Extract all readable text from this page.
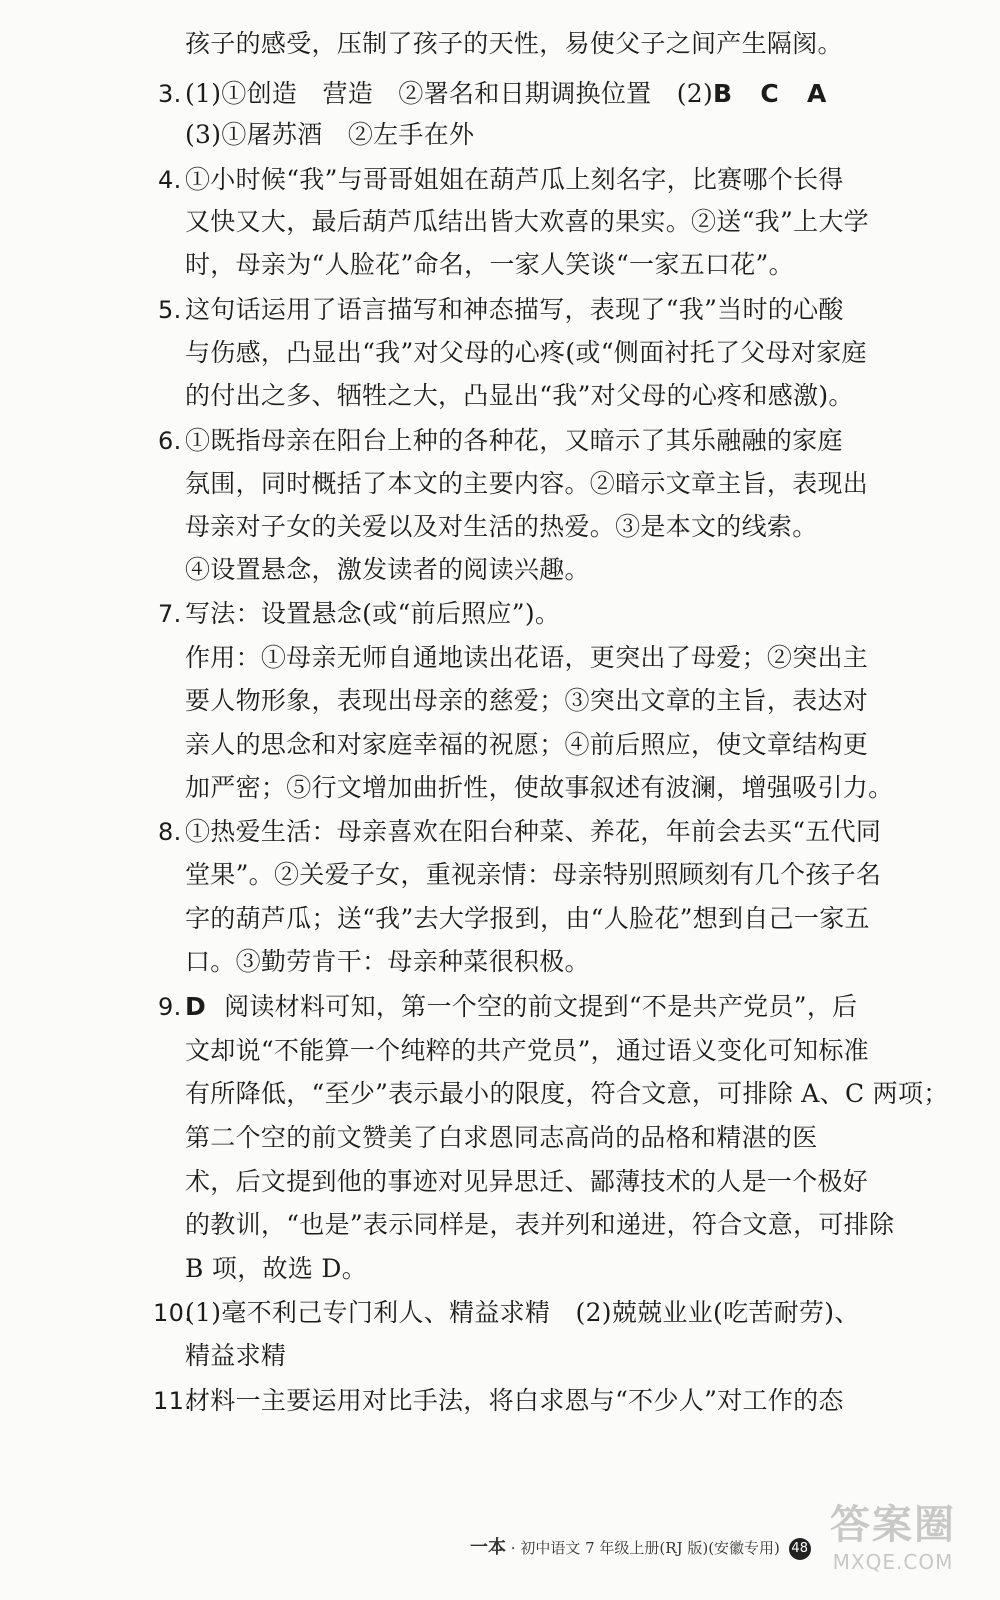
孩子的感受，压制了孩子的天性，易使父子之间产生隔阂。
3. (1)①创造　营造　②署名和日期调换位置　(2)B C A
(3)①屠苏酒　②左手在外
4. ①小时候“我”与哥哥姐姐在葫芦瓜上刻名字，比赛哪个长得
又快又大，最后葫芦瓜结出皆大欢喜的果实。②送“我”上大学
时，母亲为“人脸花”命名，一家人笑谈“一家五口花”。
5. 这句话运用了语言描写和神态描写，表现了“我”当时的心酸
与伤感，凸显出“我”对父母的心疼(或“侧面衬托了父母对家庭
的付出之多、牺牲之大，凸显出“我”对父母的心疼和感激)。
6. ①既指母亲在阳台上种的各种花，又暗示了其乐融融的家庭
氛围，同时概括了本文的主要内容。②暗示文章主旨，表现出
母亲对子女的关爱以及对生活的热爱。③是本文的线索。
④设置悬念，激发读者的阅读兴趣。
7. 写法：设置悬念(或“前后照应”)。
作用：①母亲无师自通地读出花语，更突出了母爱；②突出主
要人物形象，表现出母亲的慈爱；③突出文章的主旨，表达对
亲人的思念和对家庭幸福的祝愿；④前后照应，使文章结构更
加严密；⑤行文增加曲折性，使故事叙述有波澜，增强吸引力。
8. ①热爱生活：母亲喜欢在阳台种菜、养花，年前会去买“五代同
堂果”。②关爱子女，重视亲情：母亲特别照顾刻有几个孩子名
字的葫芦瓜；送“我”去大学报到，由“人脸花”想到自己一家五
口。③勤劳肯干：母亲种菜很积极。
9. D 阅读材料可知，第一个空的前文提到“不是共产党员”，后
文却说“不能算一个纯粹的共产党员”，通过语义变化可知标准
有所降低，“至少”表示最小的限度，符合文意，可排除 A、C 两项；
第二个空的前文赞美了白求恩同志高尚的品格和精湛的医
术，后文提到他的事迹对见异思迁、鄙薄技术的人是一个极好
的教训，“也是”表示同样是，表并列和递进，符合文意，可排除
B 项，故选 D。
10.
(1)毫不利己专门利人、精益求精　(2)兢兢业业(吃苦耐劳)、
精益求精
11.
材料一主要运用对比手法，将白求恩与“不少人”对工作的态
一本 · 初中语文 7 年级上册(RJ 版)(安徽专用) 48
答案圈
MXQE.COM
